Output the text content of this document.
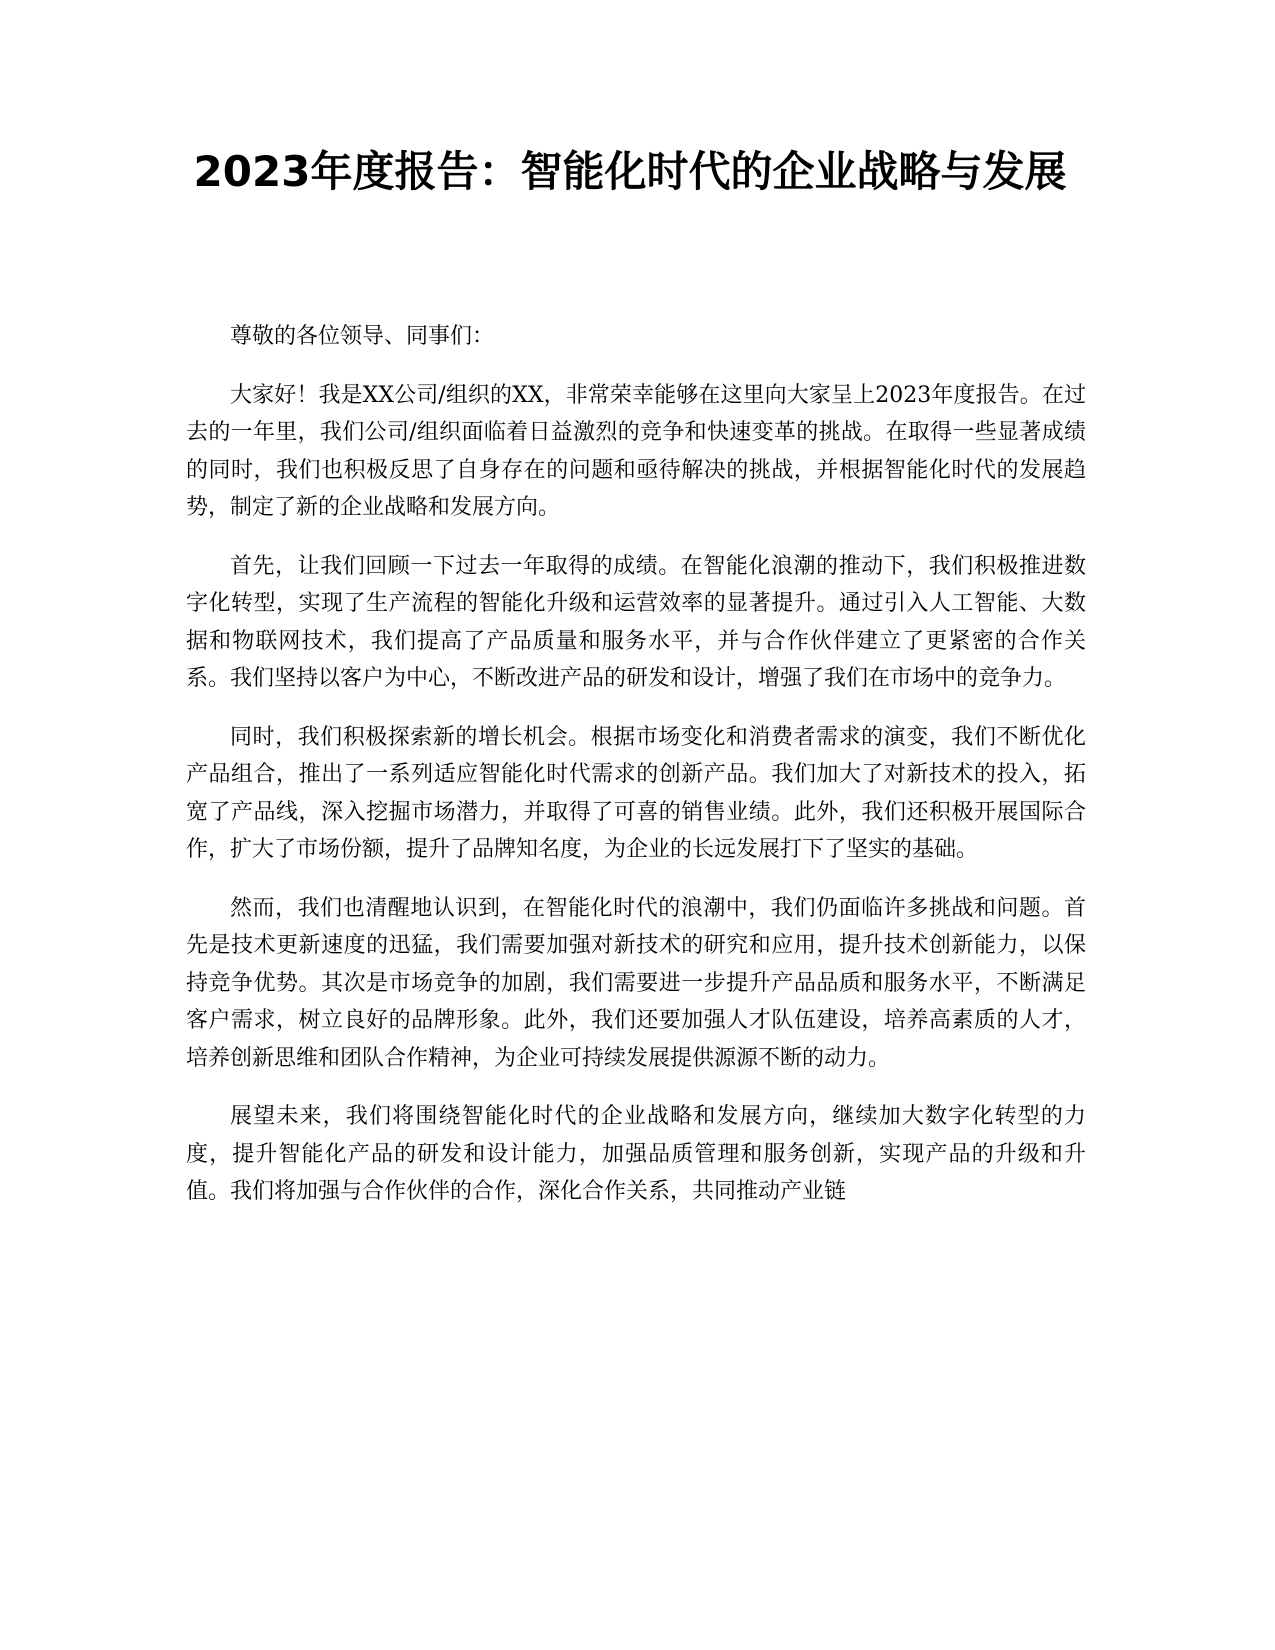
2023年度报告：智能化时代的企业战略与发展

尊敬的各位领导、同事们：

大家好！我是XX公司/组织的XX，非常荣幸能够在这里向大家呈上2023年度报告。在过去的一年里，我们公司/组织面临着日益激烈的竞争和快速变革的挑战。在取得一些显著成绩的同时，我们也积极反思了自身存在的问题和亟待解决的挑战，并根据智能化时代的发展趋势，制定了新的企业战略和发展方向。

首先，让我们回顾一下过去一年取得的成绩。在智能化浪潮的推动下，我们积极推进数字化转型，实现了生产流程的智能化升级和运营效率的显著提升。通过引入人工智能、大数据和物联网技术，我们提高了产品质量和服务水平，并与合作伙伴建立了更紧密的合作关系。我们坚持以客户为中心，不断改进产品的研发和设计，增强了我们在市场中的竞争力。

同时，我们积极探索新的增长机会。根据市场变化和消费者需求的演变，我们不断优化产品组合，推出了一系列适应智能化时代需求的创新产品。我们加大了对新技术的投入，拓宽了产品线，深入挖掘市场潜力，并取得了可喜的销售业绩。此外，我们还积极开展国际合作，扩大了市场份额，提升了品牌知名度，为企业的长远发展打下了坚实的基础。

然而，我们也清醒地认识到，在智能化时代的浪潮中，我们仍面临许多挑战和问题。首先是技术更新速度的迅猛，我们需要加强对新技术的研究和应用，提升技术创新能力，以保持竞争优势。其次是市场竞争的加剧，我们需要进一步提升产品品质和服务水平，不断满足客户需求，树立良好的品牌形象。此外，我们还要加强人才队伍建设，培养高素质的人才，培养创新思维和团队合作精神，为企业可持续发展提供源源不断的动力。

展望未来，我们将围绕智能化时代的企业战略和发展方向，继续加大数字化转型的力度，提升智能化产品的研发和设计能力，加强品质管理和服务创新，实现产品的升级和升值。我们将加强与合作伙伴的合作，深化合作关系，共同推动产业链
